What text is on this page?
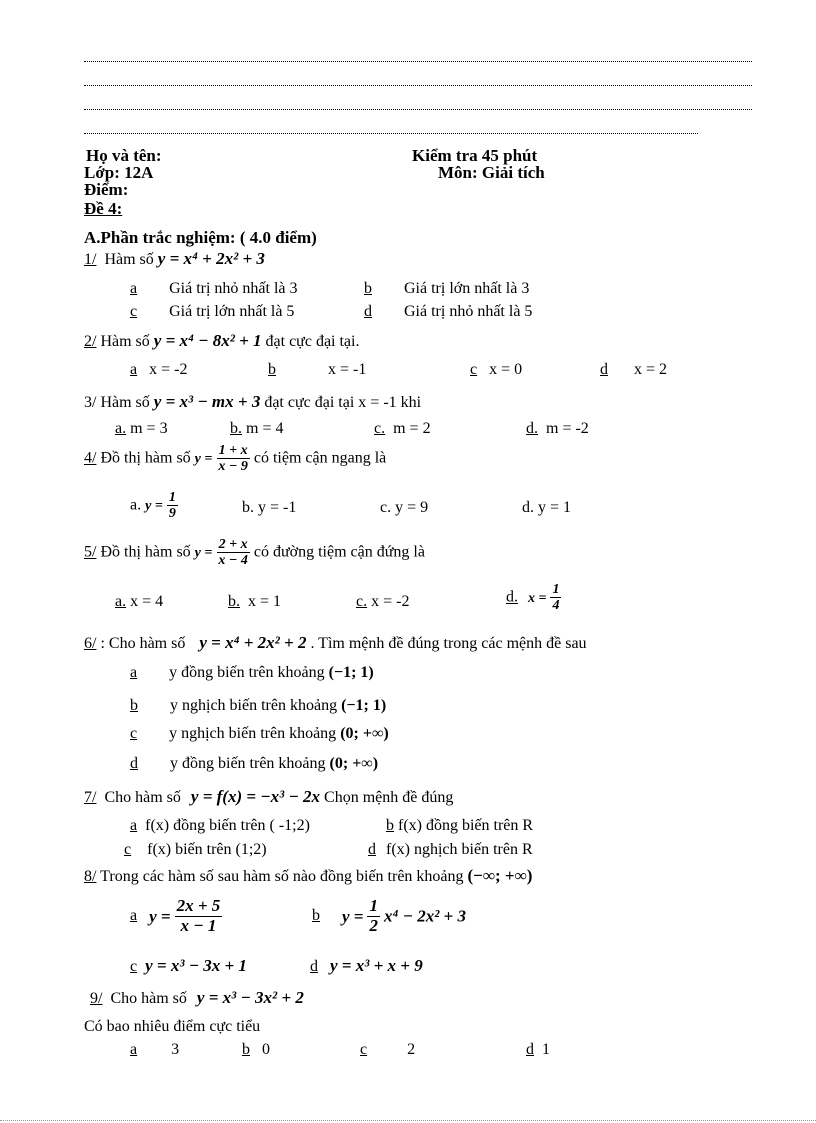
Họ và tên:
Lớp: 12A
Điểm:
Đề 4:
Kiểm tra 45 phút
Môn: Giải tích
A.Phần trắc nghiệm: ( 4.0 điểm)
1/ Hàm số y = x⁴ + 2x² + 3
a Giá trị nhỏ nhất là 3	b Giá trị lớn nhất là 3
c Giá trị lớn nhất là 5	d Giá trị nhỏ nhất là 5
2/ Hàm số y = x⁴ − 8x² + 1 đạt cực đại tại.
a x = -2	b	x = -1	c x = 0	d x = 2
3/ Hàm số y = x³ − mx + 3 đạt cực đại tại x = -1 khi
a. m = 3	b. m = 4	c. m = 2	d. m = -2
4/ Đồ thị hàm số $y = \frac{1 + x}{x - 9}$ có tiệm cận ngang là
a. $y = \frac{1}{9}$	b. y = -1	c. y = 9	d. y = 1
5/ Đồ thị hàm số $y = \frac{2 + x}{x - 4}$ có đường tiệm cận đứng là
a. x = 4	b. x = 1	c. x = -2	d. $x = \frac{1}{4}$
6/ : Cho hàm số y = x⁴ + 2x² + 2 . Tìm mệnh đề đúng trong các mệnh đề sau
a y đồng biến trên khoảng (−1; 1)
b y nghịch biến trên khoảng (−1; 1)
c y nghịch biến trên khoảng (0; +∞)
d y đồng biến trên khoảng (0; +∞)
7/ Cho hàm số y = f(x) = −x³ − 2x Chọn mệnh đề đúng
a f(x) đồng biến trên ( -1;2)	b f(x) đồng biến trên R
c f(x) biến trên (1;2)	d f(x) nghịch biến trên R
8/ Trong các hàm số sau hàm số nào đồng biến trên khoảng (−∞; +∞)
a $y = \frac{2x + 5}{x - 1}$	b $y = \frac{1}{2} x^4 - 2x^2 + 3$
c y = x³ − 3x + 1	d y = x³ + x + 9
9/ Cho hàm số y = x³ − 3x² + 2
Có bao nhiêu điểm cực tiểu
a 3	b 0	c	2	d 1
